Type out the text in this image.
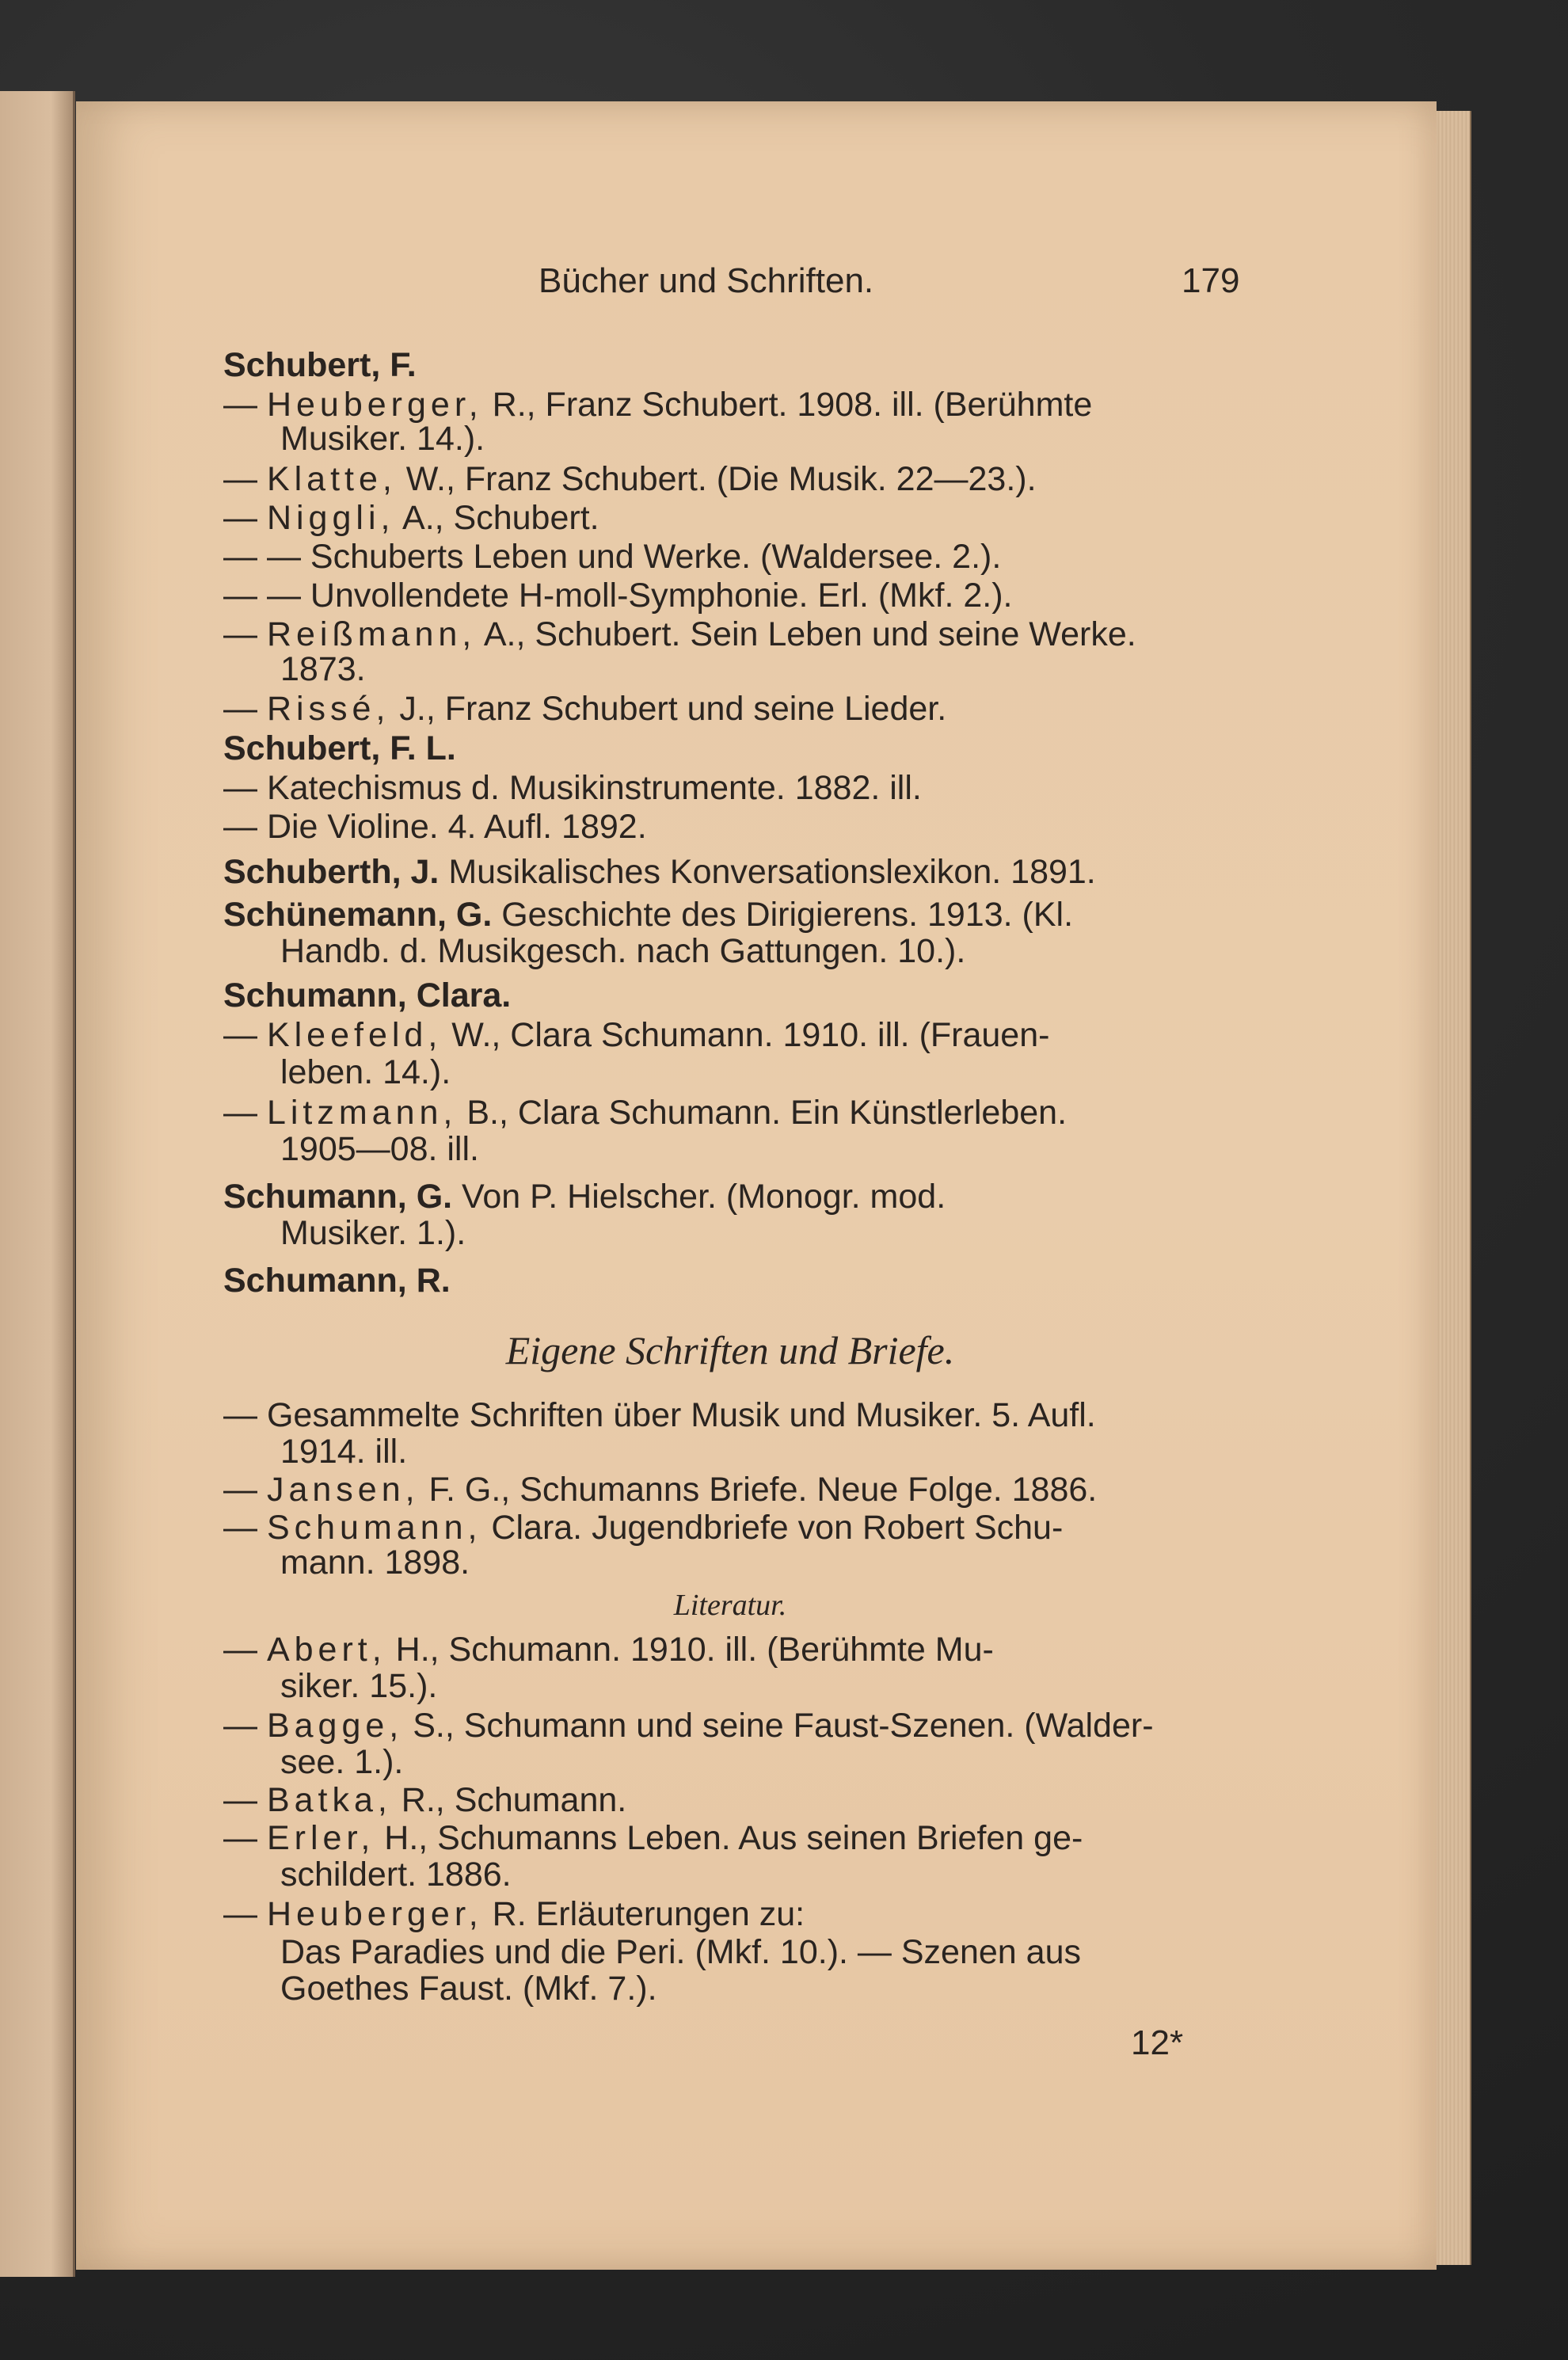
Bücher und Schriften.	179
Schubert, F.
— Heuberger, R., Franz Schubert. 1908. ill. (Berühmte
Musiker. 14.).
— Klatte, W., Franz Schubert. (Die Musik. 22—23.).
— Niggli, A., Schubert.
— — Schuberts Leben und Werke. (Waldersee. 2.).
— — Unvollendete H-moll-Symphonie. Erl. (Mkf. 2.).
— Reißmann, A., Schubert. Sein Leben und seine Werke.
1873.
— Rissé, J., Franz Schubert und seine Lieder.
Schubert, F. L.
— Katechismus d. Musikinstrumente. 1882. ill.
— Die Violine. 4. Aufl. 1892.
Schuberth, J. Musikalisches Konversationslexikon. 1891.
Schünemann, G. Geschichte des Dirigierens. 1913. (Kl.
Handb. d. Musikgesch. nach Gattungen. 10.).
Schumann, Clara.
— Kleefeld, W., Clara Schumann. 1910. ill. (Frauen-
leben. 14.).
— Litzmann, B., Clara Schumann. Ein Künstlerleben.
1905—08. ill.
Schumann, G. Von P. Hielscher. (Monogr. mod.
Musiker. 1.).
Schumann, R.
Eigene Schriften und Briefe.
— Gesammelte Schriften über Musik und Musiker. 5. Aufl.
1914. ill.
— Jansen, F. G., Schumanns Briefe. Neue Folge. 1886.
— Schumann, Clara. Jugendbriefe von Robert Schu-
mann. 1898.
Literatur.
— Abert, H., Schumann. 1910. ill. (Berühmte Mu-
siker. 15.).
— Bagge, S., Schumann und seine Faust-Szenen. (Walder-
see. 1.).
— Batka, R., Schumann.
— Erler, H., Schumanns Leben. Aus seinen Briefen ge-
schildert. 1886.
— Heuberger, R. Erläuterungen zu:
Das Paradies und die Peri. (Mkf. 10.). — Szenen aus
Goethes Faust. (Mkf. 7.).
12*
